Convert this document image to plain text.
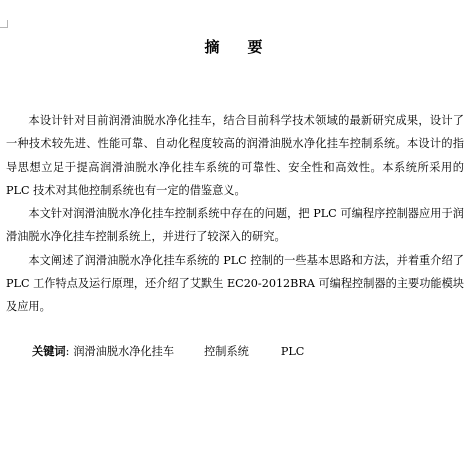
摘 要

本设计针对目前润滑油脱水净化挂车，结合目前科学技术领域的最新研究成果，设计了一种技术较先进、性能可靠、自动化程度较高的润滑油脱水净化挂车控制系统。本设计的指导思想立足于提高润滑油脱水净化挂车系统的可靠性、安全性和高效性。本系统所采用的 PLC 技术对其他控制系统也有一定的借鉴意义。

本文针对润滑油脱水净化挂车控制系统中存在的问题，把 PLC 可编程序控制器应用于润滑油脱水净化挂车控制系统上，并进行了较深入的研究。

本文阐述了润滑油脱水净化挂车系统的 PLC 控制的一些基本思路和方法，并着重介绍了 PLC 工作特点及运行原理，还介绍了艾默生 EC20-2012BRA 可编程控制器的主要功能模块及应用。

关键词: 润滑油脱水净化挂车	控制系统	PLC
